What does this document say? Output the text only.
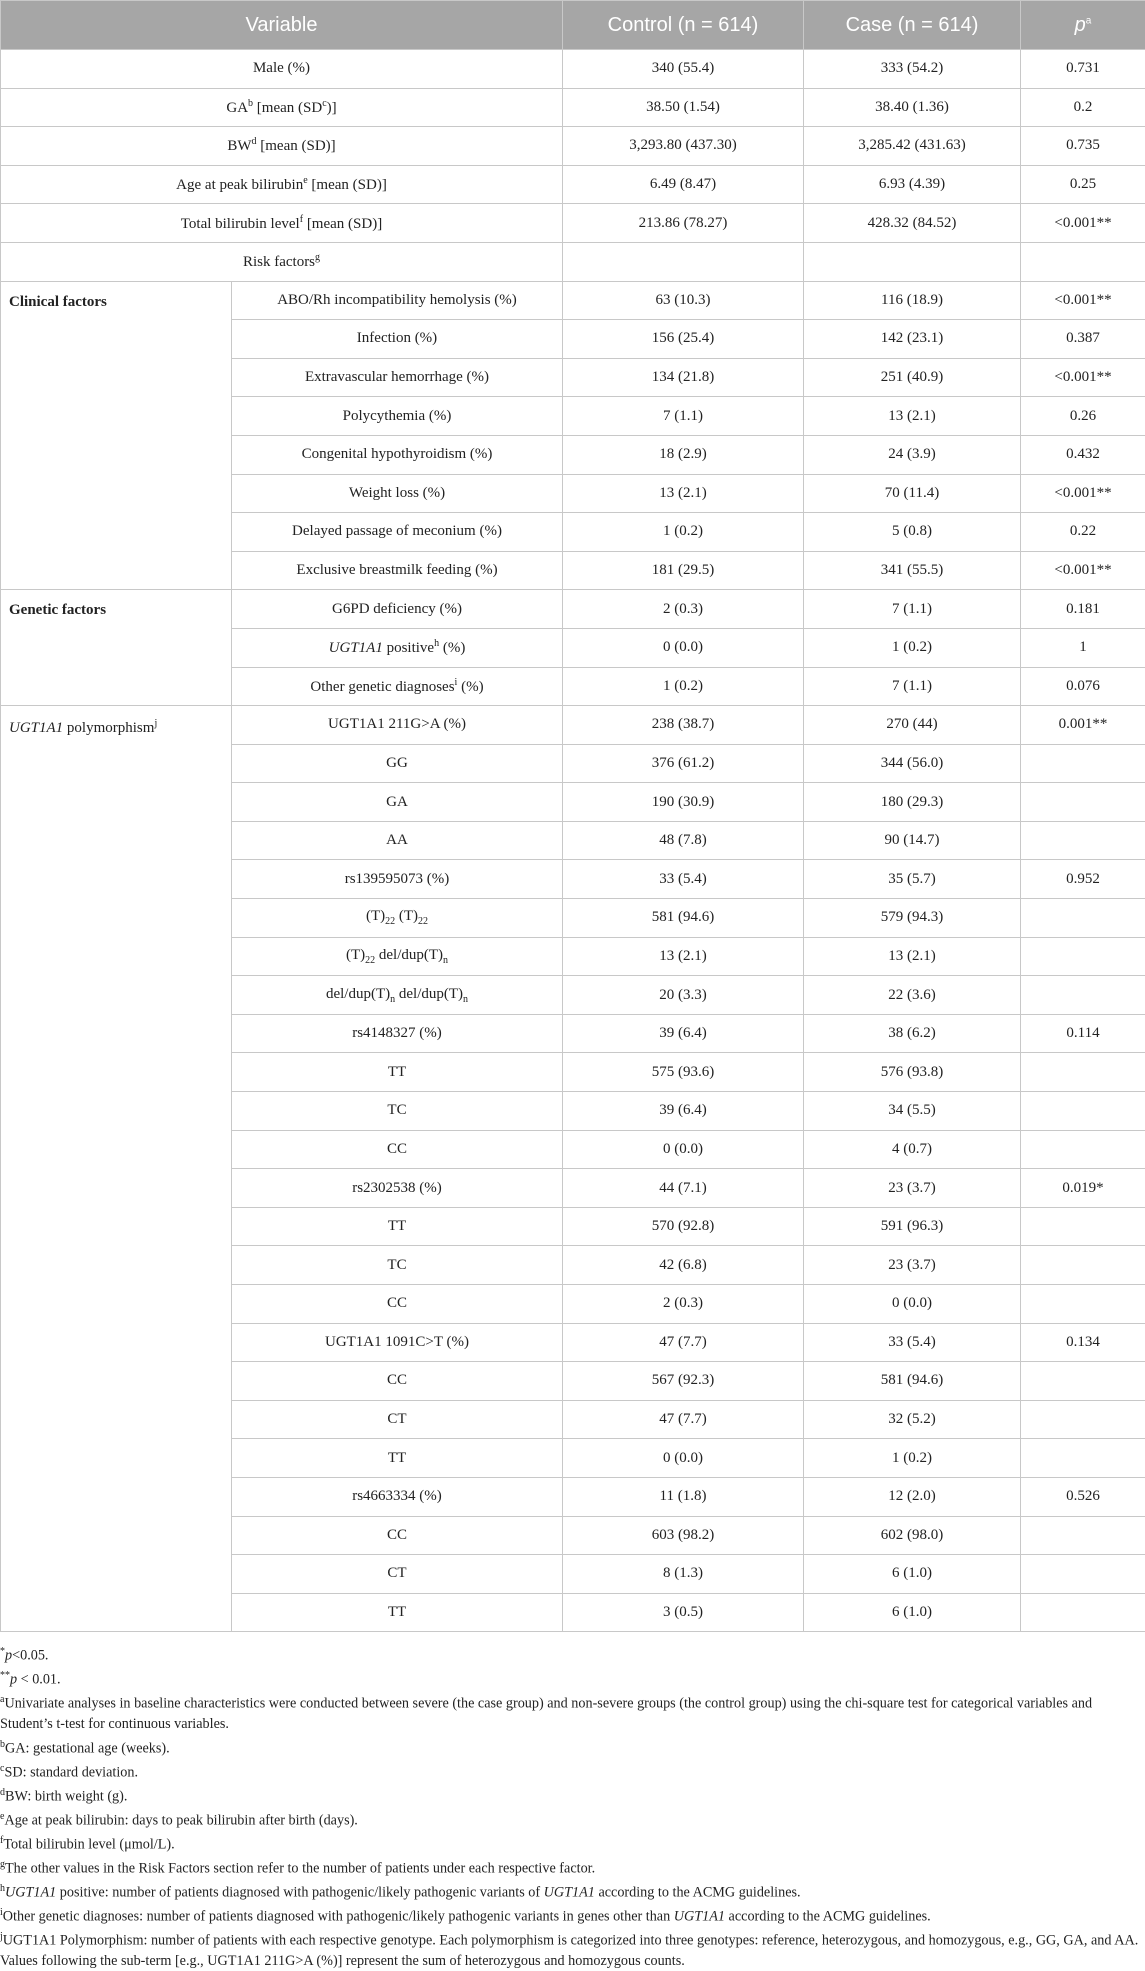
Variable		Control (n = 614)	Case (n = 614)	$p^a$
Male (%)		340 (55.4)	333 (54.2)	0.731
$GA^b$ [mean $(SD^c)$]		38.50 (1.54)	38.40 (1.36)	0.2
$BW^d$ [mean (SD)]		3,293.80 (437.30)	3,285.42 (431.63)	0.735
Age at peak bilirubin$^e$ [mean (SD)]		6.49 (8.47)	6.93 (4.39)	0.25
Total bilirubin level$^f$ [mean (SD)]		213.86 (78.27)	428.32 (84.52)	<0.001**
Risk factors$^g$			
Clinical factors	ABO/Rh incompatibility hemolysis (%)	63 (10.3)	116 (18.9)	<0.001**
	Infection (%)	156 (25.4)	142 (23.1)	0.387
	Extravascular hemorrhage (%)	134 (21.8)	251 (40.9)	<0.001**
	Polycythemia (%)	7 (1.1)	13 (2.1)	0.26
	Congenital hypothyroidism (%)	18 (2.9)	24 (3.9)	0.432
	Weight loss (%)	13 (2.1)	70 (11.4)	<0.001**
	Delayed passage of meconium (%)	1 (0.2)	5 (0.8)	0.22
	Exclusive breastmilk feeding (%)	181 (29.5)	341 (55.5)	<0.001**
Genetic factors	G6PD deficiency (%)	2 (0.3)	7 (1.1)	0.181
	UGT1A1 positive$^h$ (%)	0 (0.0)	1 (0.2)	1
	Other genetic diagnoses$^i$ (%)	1 (0.2)	7 (1.1)	0.076
UGT1A1 polymorphism$^j$	UGT1A1 211G>A (%)	238 (38.7)	270 (44)	0.001**
	GG	376 (61.2)	344 (56.0)	
	GA	190 (30.9)	180 (29.3)	
	AA	48 (7.8)	90 (14.7)	
	rs139595073 (%)	33 (5.4)	35 (5.7)	0.952
	$(T)_{22}$ $(T)_{22}$	581 (94.6)	579 (94.3)	
	$(T)_{22}$ del/$dup(T)_n$	13 (2.1)	13 (2.1)	
	del/$dup(T)_n$ del/$dup(T)_n$	20 (3.3)	22 (3.6)	
	rs4148327 (%)	39 (6.4)	38 (6.2)	0.114
	TT	575 (93.6)	576 (93.8)	
	TC	39 (6.4)	34 (5.5)	
	CC	0 (0.0)	4 (0.7)	
	rs2302538 (%)	44 (7.1)	23 (3.7)	0.019*
	TT	570 (92.8)	591 (96.3)	
	TC	42 (6.8)	23 (3.7)	
	CC	2 (0.3)	0 (0.0)	
	UGT1A1 1091C>T (%)	47 (7.7)	33 (5.4)	0.134
	CC	567 (92.3)	581 (94.6)	
	CT	47 (7.7)	32 (5.2)	
	TT	0 (0.0)	1 (0.2)	
	rs4663334 (%)	11 (1.8)	12 (2.0)	0.526
	CC	603 (98.2)	602 (98.0)	
	CT	8 (1.3)	6 (1.0)	
	TT	3 (0.5)	6 (1.0)	

*p<0.05.

**p < 0.01.

$^a$Univariate analyses in baseline characteristics were conducted between severe (the case group) and non-severe groups (the control group) using the chi-square test for categorical variables and Student’s t-test for continuous variables.

$^b$GA: gestational age (weeks).

$^c$SD: standard deviation.

$^d$BW: birth weight (g).

$^e$Age at peak bilirubin: days to peak bilirubin after birth (days).

$^f$Total bilirubin level (μmol/L).

$^g$The other values in the Risk Factors section refer to the number of patients under each respective factor.

$^h$UGT1A1 positive: number of patients diagnosed with pathogenic/likely pathogenic variants of UGT1A1 according to the ACMG guidelines.

$^i$Other genetic diagnoses: number of patients diagnosed with pathogenic/likely pathogenic variants in genes other than UGT1A1 according to the ACMG guidelines.

$^j$UGT1A1 Polymorphism: number of patients with each respective genotype. Each polymorphism is categorized into three genotypes: reference, heterozygous, and homozygous, e.g., GG, GA, and AA. Values following the sub-term [e.g., UGT1A1 211G>A (%)] represent the sum of heterozygous and homozygous counts.
